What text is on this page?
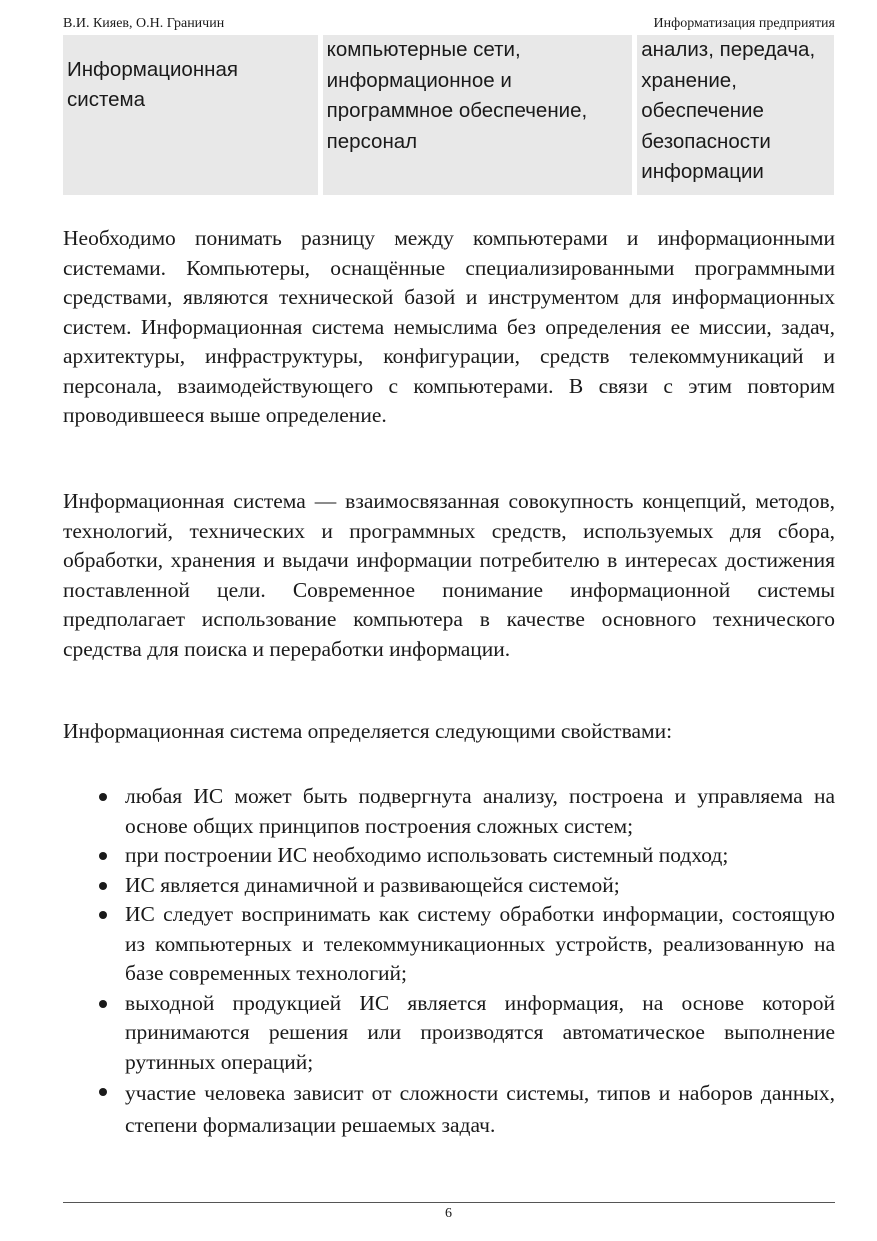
В.И. Кияев, О.Н. Граничин	Информатизация предприятия
Информационная
система
компьютерные сети,
информационное и
программное обеспечение,
персонал
анализ, передача,
хранение,
обеспечение
безопасности
информации

Необходимо понимать разницу между компьютерами и информационными системами. Компьютеры, оснащённые специализированными программными средствами, являются технической базой и инструментом для информационных систем. Информационная система немыслима без определения ее миссии, задач, архитектуры, инфраструктуры, конфигурации, средств телекоммуникаций и персонала, взаимодействующего с компьютерами. В связи с этим повторим проводившееся выше определение.

Информационная система — взаимосвязанная совокупность концепций, методов, технологий, технических и программных средств, используемых для сбора, обработки, хранения и выдачи информации потребителю в интересах достижения поставленной цели. Современное понимание информационной системы предполагает использование компьютера в качестве основного технического средства для поиска и переработки информации.

Информационная система определяется следующими свойствами:

любая ИС может быть подвергнута анализу, построена и управляема на основе общих принципов построения сложных систем;
при построении ИС необходимо использовать системный подход;
ИС является динамичной и развивающейся системой;
ИС следует воспринимать как систему обработки информации, состоящую из компьютерных и телекоммуникационных устройств, реализованную на базе современных технологий;
выходной продукцией ИС является информация, на основе которой принимаются решения или производятся автоматическое выполнение рутинных операций;
участие человека зависит от сложности системы, типов и наборов данных, степени формализации решаемых задач.
6
